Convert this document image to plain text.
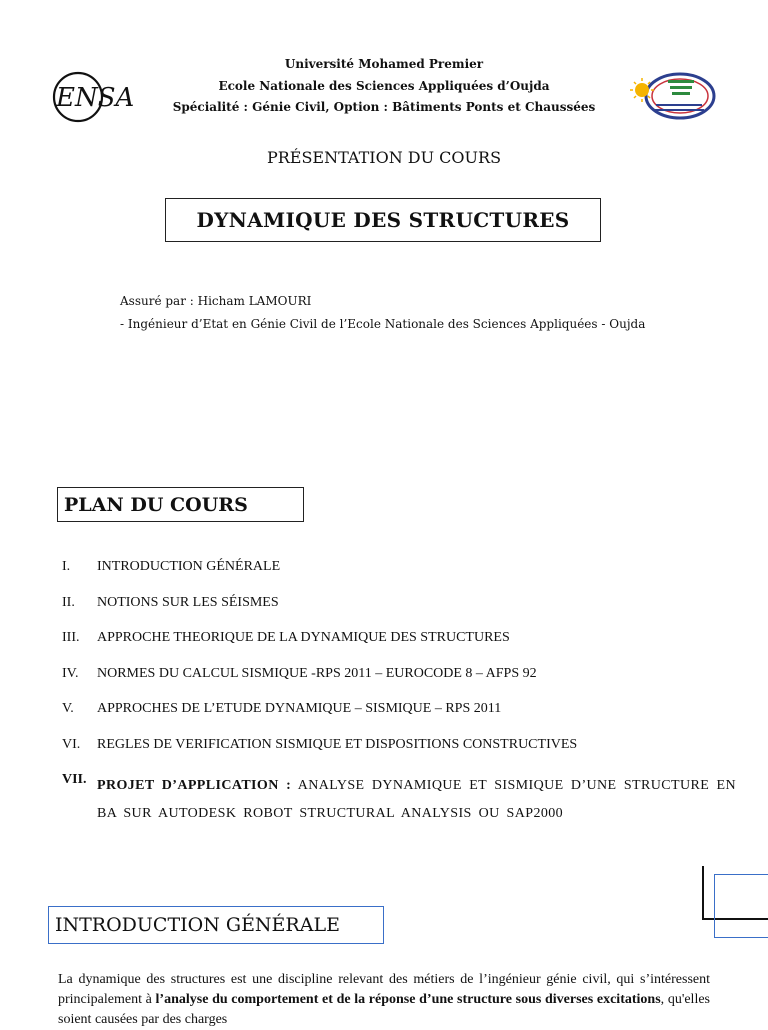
ENSA
Université Mohamed Premier
Ecole Nationale des Sciences Appliquées d’Oujda
Spécialité : Génie Civil, Option : Bâtiments Ponts et Chaussées
PRÉSENTATION DU COURS
DYNAMIQUE DES STRUCTURES
Assuré par : Hicham LAMOURI
- Ingénieur d’Etat en Génie Civil de l’Ecole Nationale des Sciences Appliquées - Oujda
PLAN DU COURS
I. INTRODUCTION GÉNÉRALE
II. NOTIONS SUR LES SÉISMES
III. APPROCHE THEORIQUE DE LA DYNAMIQUE DES STRUCTURES
IV. NORMES DU CALCUL SISMIQUE -RPS 2011 – EUROCODE 8 – AFPS 92
V. APPROCHES DE L’ETUDE DYNAMIQUE – SISMIQUE – RPS 2011
VI. REGLES DE VERIFICATION SISMIQUE ET DISPOSITIONS CONSTRUCTIVES
VII. PROJET D’APPLICATION : ANALYSE DYNAMIQUE ET SISMIQUE D’UNE STRUCTURE EN BA SUR AUTODESK ROBOT STRUCTURAL ANALYSIS OU SAP2000
INTRODUCTION GÉNÉRALE
La dynamique des structures est une discipline relevant des métiers de l’ingénieur génie civil, qui s’intéressent principalement à l’analyse du comportement et de la réponse d’une structure sous diverses excitations, qu'elles soient causées par des charges
